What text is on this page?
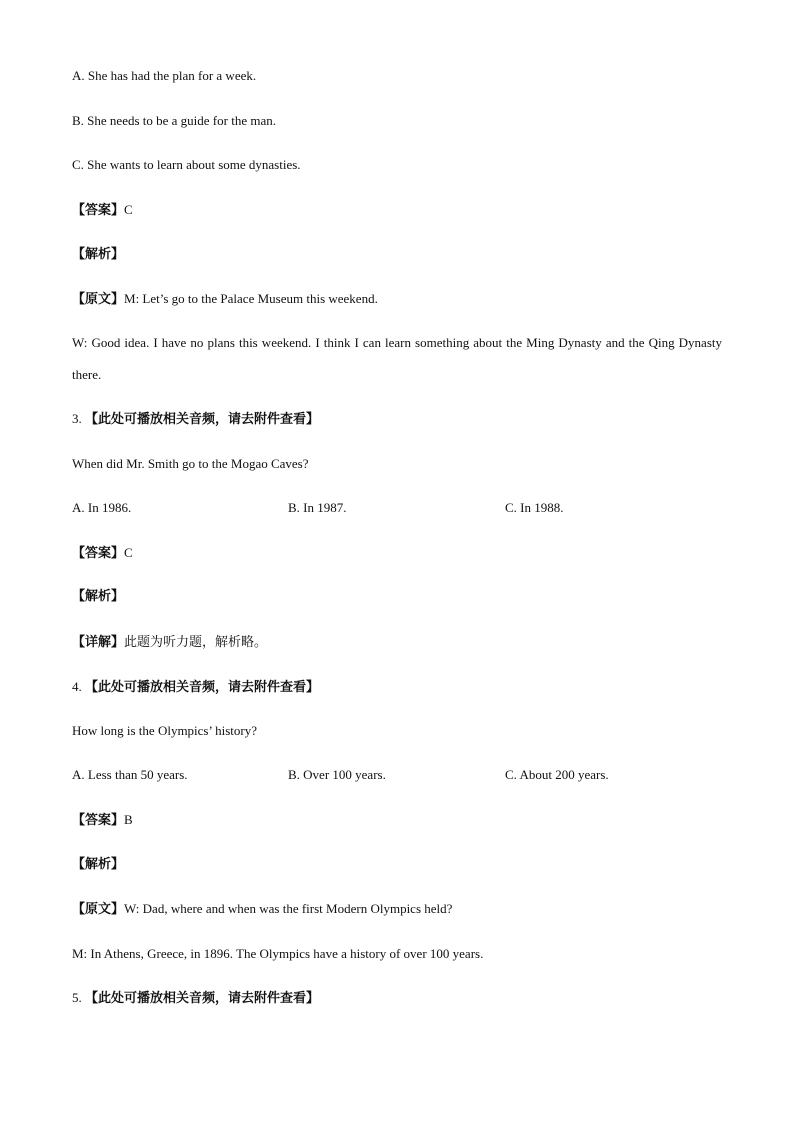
A. She has had the plan for a week.
B. She needs to be a guide for the man.
C. She wants to learn about some dynasties.
【答案】C
【解析】
【原文】M: Let’s go to the Palace Museum this weekend.
W: Good idea. I have no plans this weekend. I think I can learn something about the Ming Dynasty and the Qing Dynasty there.
3. 【此处可播放相关音频，请去附件查看】
When did Mr. Smith go to the Mogao Caves?
A. In 1986.	B. In 1987.	C. In 1988.
【答案】C
【解析】
【详解】此题为听力题，解析略。
4. 【此处可播放相关音频，请去附件查看】
How long is the Olympics’ history?
A. Less than 50 years.	B. Over 100 years.	C. About 200 years.
【答案】B
【解析】
【原文】W: Dad, where and when was the first Modern Olympics held?
M: In Athens, Greece, in 1896. The Olympics have a history of over 100 years.
5. 【此处可播放相关音频，请去附件查看】
